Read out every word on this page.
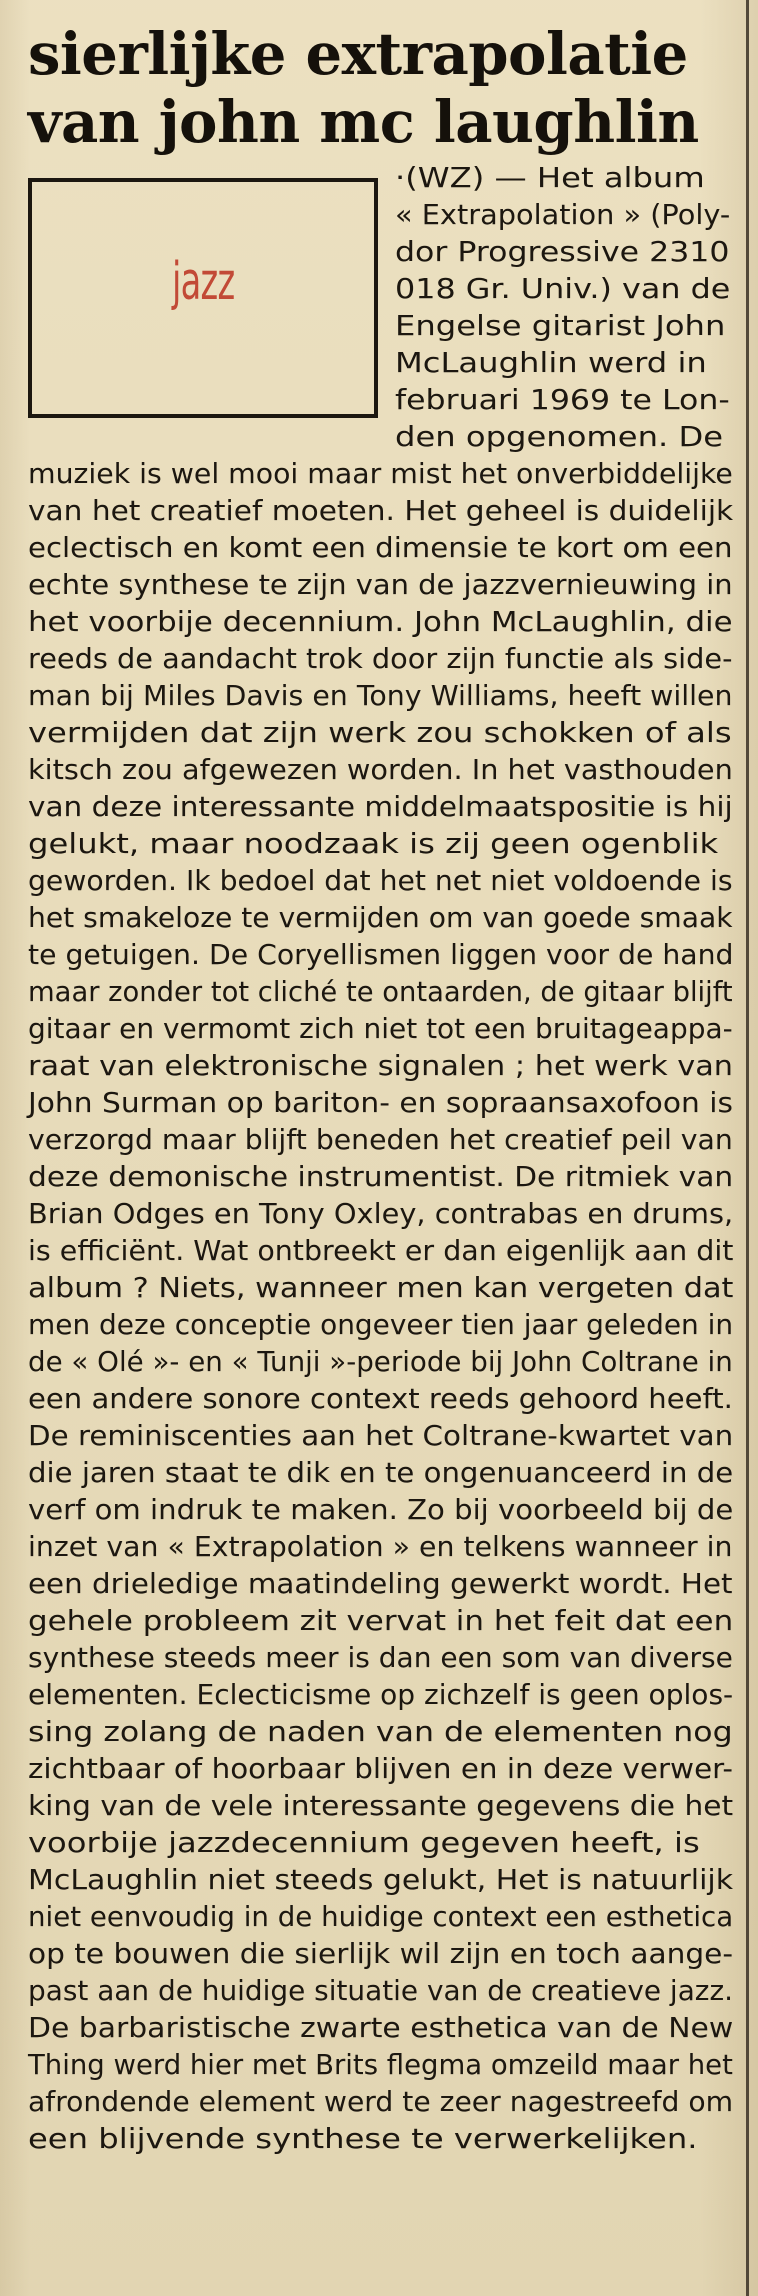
sierlijke extrapolatie
van john mc laughlin
jazz
·(WZ) — Het album
« Extrapolation » (Poly-
dor Progressive 2310
018 Gr. Univ.) van de
Engelse gitarist John
McLaughlin werd in
februari 1969 te Lon-
den opgenomen. De
muziek is wel mooi maar mist het onverbiddelijke
van het creatief moeten. Het geheel is duidelijk
eclectisch en komt een dimensie te kort om een
echte synthese te zijn van de jazzvernieuwing in
het voorbije decennium. John McLaughlin, die
reeds de aandacht trok door zijn functie als side-
man bij Miles Davis en Tony Williams, heeft willen
vermijden dat zijn werk zou schokken of als
kitsch zou afgewezen worden. In het vasthouden
van deze interessante middelmaatspositie is hij
gelukt, maar noodzaak is zij geen ogenblik
geworden. Ik bedoel dat het net niet voldoende is
het smakeloze te vermijden om van goede smaak
te getuigen. De Coryellismen liggen voor de hand
maar zonder tot cliché te ontaarden, de gitaar blijft
gitaar en vermomt zich niet tot een bruitageappa-
raat van elektronische signalen ; het werk van
John Surman op bariton- en sopraansaxofoon is
verzorgd maar blijft beneden het creatief peil van
deze demonische instrumentist. De ritmiek van
Brian Odges en Tony Oxley, contrabas en drums,
is efficiënt. Wat ontbreekt er dan eigenlijk aan dit
album ? Niets, wanneer men kan vergeten dat
men deze conceptie ongeveer tien jaar geleden in
de « Olé »- en « Tunji »-periode bij John Coltrane in
een andere sonore context reeds gehoord heeft.
De reminiscenties aan het Coltrane-kwartet van
die jaren staat te dik en te ongenuanceerd in de
verf om indruk te maken. Zo bij voorbeeld bij de
inzet van « Extrapolation » en telkens wanneer in
een drieledige maatindeling gewerkt wordt. Het
gehele probleem zit vervat in het feit dat een
synthese steeds meer is dan een som van diverse
elementen. Eclecticisme op zichzelf is geen oplos-
sing zolang de naden van de elementen nog
zichtbaar of hoorbaar blijven en in deze verwer-
king van de vele interessante gegevens die het
voorbije jazzdecennium gegeven heeft, is
McLaughlin niet steeds gelukt, Het is natuurlijk
niet eenvoudig in de huidige context een esthetica
op te bouwen die sierlijk wil zijn en toch aange-
past aan de huidige situatie van de creatieve jazz.
De barbaristische zwarte esthetica van de New
Thing werd hier met Brits flegma omzeild maar het
afrondende element werd te zeer nagestreefd om
een blijvende synthese te verwerkelijken.
